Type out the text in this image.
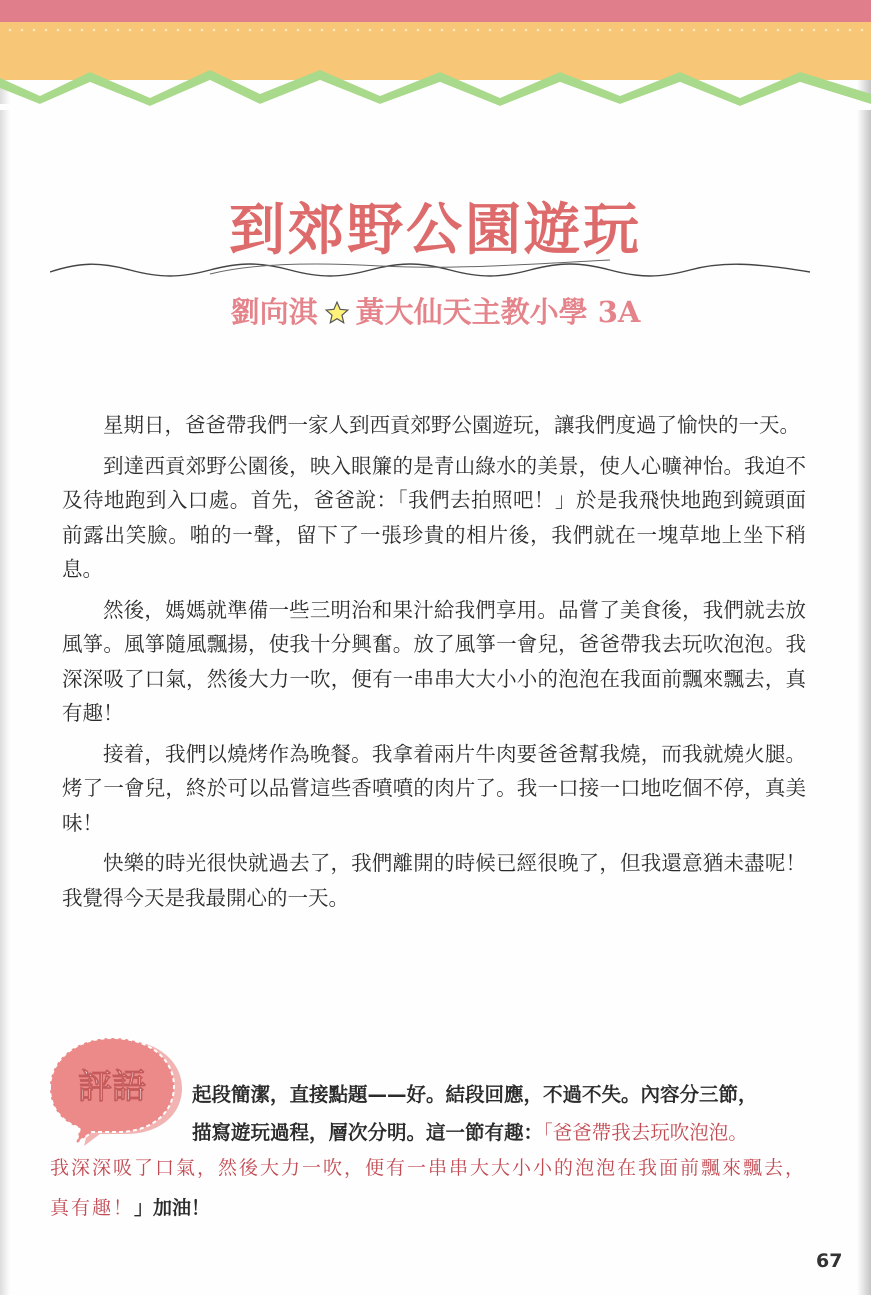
到郊野公園遊玩
劉向淇 黃大仙天主教小學 3A

星期日，爸爸帶我們一家人到西貢郊野公園遊玩，讓我們度過了愉快的一天。

到達西貢郊野公園後，映入眼簾的是青山綠水的美景，使人心曠神怡。我迫不及待地跑到入口處。首先，爸爸說：「我們去拍照吧！」於是我飛快地跑到鏡頭面前露出笑臉。啪的一聲，留下了一張珍貴的相片後，我們就在一塊草地上坐下稍息。

然後，媽媽就準備一些三明治和果汁給我們享用。品嘗了美食後，我們就去放風箏。風箏隨風飄揚，使我十分興奮。放了風箏一會兒，爸爸帶我去玩吹泡泡。我深深吸了口氣，然後大力一吹，便有一串串大大小小的泡泡在我面前飄來飄去，真有趣！

接着，我們以燒烤作為晚餐。我拿着兩片牛肉要爸爸幫我燒，而我就燒火腿。烤了一會兒，終於可以品嘗這些香噴噴的肉片了。我一口接一口地吃個不停，真美味！

快樂的時光很快就過去了，我們離開的時候已經很晚了，但我還意猶未盡呢！我覺得今天是我最開心的一天。

評語 起段簡潔，直接點題——好。結段回應，不過不失。內容分三節，
描寫遊玩過程，層次分明。這一節有趣：「爸爸帶我去玩吹泡泡。
我深深吸了口氣，然後大力一吹，便有一串串大大小小的泡泡在我面前飄來飄去，真有趣！」加油！
67
